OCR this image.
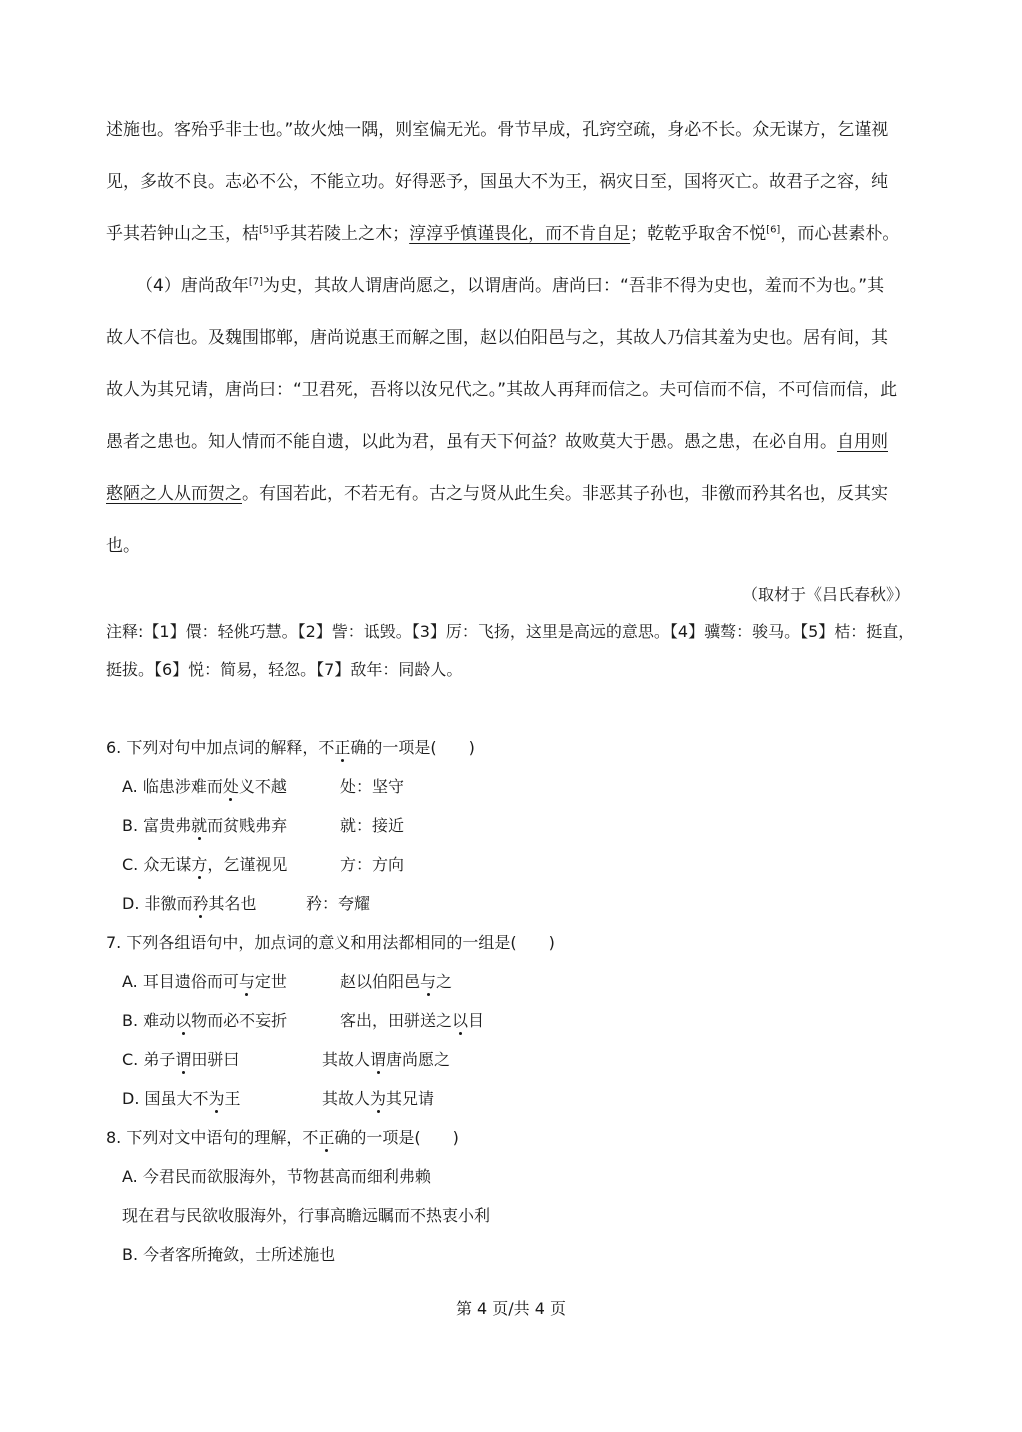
述施也。客殆乎非士也。”故火烛一隅，则室偏无光。骨节早成，孔窍空疏，身必不长。众无谋方，乞谨视
见，多故不良。志必不公，不能立功。好得恶予，国虽大不为王，祸灾日至，国将灭亡。故君子之容，纯
乎其若钟山之玉，桔[5]乎其若陵上之木；淳淳乎慎谨畏化，而不肯自足；乾乾乎取舍不悦[6]，而心甚素朴。
（4）唐尚敌年[7]为史，其故人谓唐尚愿之，以谓唐尚。唐尚曰：“吾非不得为史也，羞而不为也。”其
故人不信也。及魏围邯郸，唐尚说惠王而解之围，赵以伯阳邑与之，其故人乃信其羞为史也。居有间，其
故人为其兄请，唐尚曰：“卫君死，吾将以汝兄代之。”其故人再拜而信之。夫可信而不信，不可信而信，此
愚者之患也。知人情而不能自遗，以此为君，虽有天下何益？故败莫大于愚。愚之患，在必自用。自用则
憨陋之人从而贺之。有国若此，不若无有。古之与贤从此生矣。非恶其子孙也，非徼而矜其名也，反其实
也。
（取材于《吕氏春秋》）
注释:【1】儇：轻佻巧慧。【2】訾：诋毁。【3】厉：飞扬，这里是高远的意思。【4】骥骜：骏马。【5】桔：挺直，
挺拔。【6】悦：简易，轻忽。【7】敌年：同龄人。
6. 下列对句中加点词的解释，不正确的一项是( )
A. 临患涉难而处义不越	处：坚守
B. 富贵弗就而贫贱弗弃	就：接近
C. 众无谋方，乞谨视见	方：方向
D. 非徼而矜其名也	矜：夸耀
7. 下列各组语句中，加点词的意义和用法都相同的一组是( )
A. 耳目遗俗而可与定世	赵以伯阳邑与之
B. 难动以物而必不妄折	客出，田骈送之以目
C. 弟子谓田骈曰	其故人谓唐尚愿之
D. 国虽大不为王	其故人为其兄请
8. 下列对文中语句的理解，不正确的一项是( )
A. 今君民而欲服海外，节物甚高而细利弗赖
现在君与民欲收服海外，行事高瞻远瞩而不热衷小利
B. 今者客所掩敛，士所述施也
第 4 页/共 4 页
